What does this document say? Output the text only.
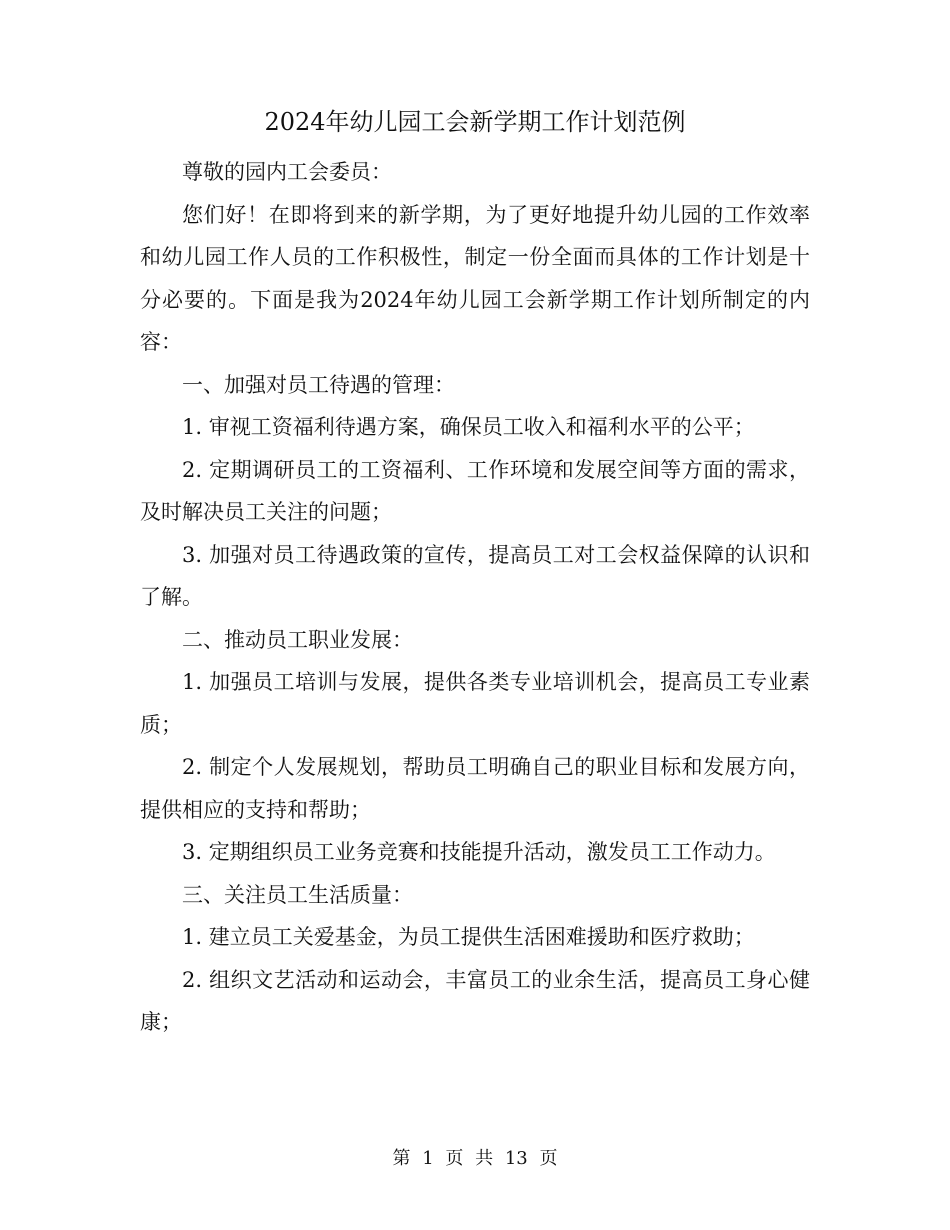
2024年幼儿园工会新学期工作计划范例

尊敬的园内工会委员：

您们好！在即将到来的新学期，为了更好地提升幼儿园的工作效率和幼儿园工作人员的工作积极性，制定一份全面而具体的工作计划是十分必要的。下面是我为2024年幼儿园工会新学期工作计划所制定的内容：

一、加强对员工待遇的管理：

1. 审视工资福利待遇方案，确保员工收入和福利水平的公平；

2. 定期调研员工的工资福利、工作环境和发展空间等方面的需求，及时解决员工关注的问题；

3. 加强对员工待遇政策的宣传，提高员工对工会权益保障的认识和了解。

二、推动员工职业发展：

1. 加强员工培训与发展，提供各类专业培训机会，提高员工专业素质；

2. 制定个人发展规划，帮助员工明确自己的职业目标和发展方向，提供相应的支持和帮助；

3. 定期组织员工业务竞赛和技能提升活动，激发员工工作动力。

三、关注员工生活质量：

1. 建立员工关爱基金，为员工提供生活困难援助和医疗救助；

2. 组织文艺活动和运动会，丰富员工的业余生活，提高员工身心健康；

第 1 页 共 13 页
